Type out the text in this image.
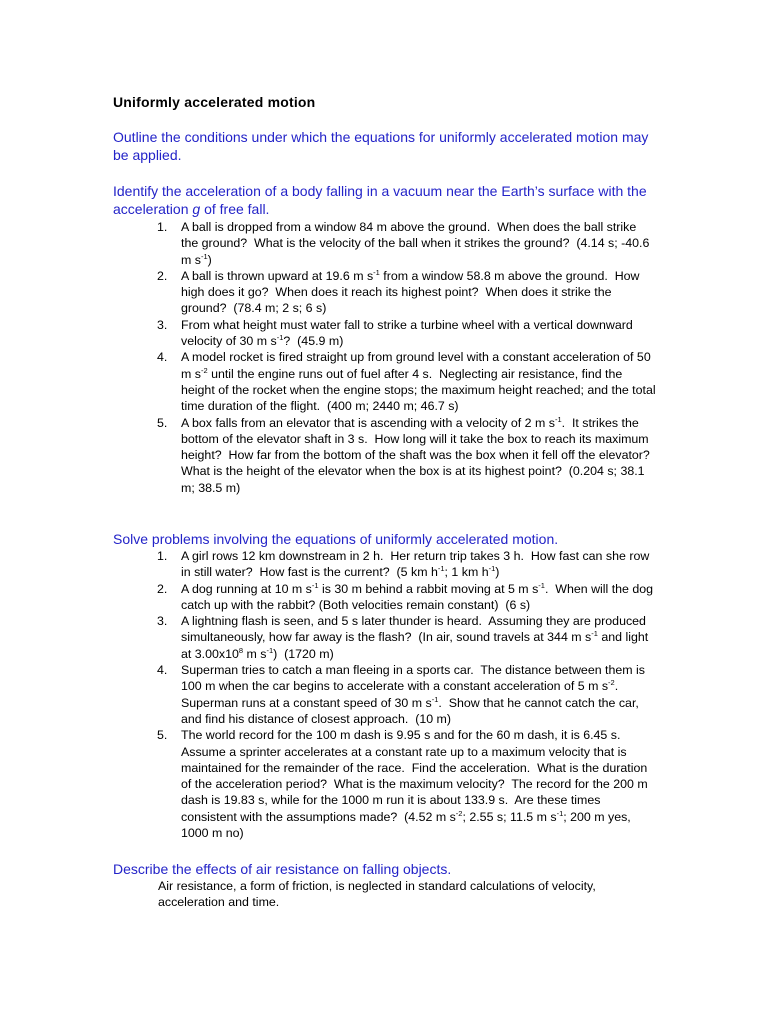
Uniformly accelerated motion

Outline the conditions under which the equations for uniformly accelerated motion may be applied.

Identify the acceleration of a body falling in a vacuum near the Earth’s surface with the acceleration g of free fall.

1. A ball is dropped from a window 84 m above the ground.  When does the ball strike the ground?  What is the velocity of the ball when it strikes the ground?  (4.14 s; -40.6 m $s^{-1}$)
2. A ball is thrown upward at 19.6 m $s^{-1}$ from a window 58.8 m above the ground.  How high does it go?  When does it reach its highest point?  When does it strike the ground?  (78.4 m; 2 s; 6 s)
3. From what height must water fall to strike a turbine wheel with a vertical downward velocity of 30 m $s^{-1}$?  (45.9 m)
4. A model rocket is fired straight up from ground level with a constant acceleration of 50 m $s^{-2}$ until the engine runs out of fuel after 4 s.  Neglecting air resistance, find the height of the rocket when the engine stops; the maximum height reached; and the total time duration of the flight.  (400 m; 2440 m; 46.7 s)
5. A box falls from an elevator that is ascending with a velocity of 2 m $s^{-1}$.  It strikes the bottom of the elevator shaft in 3 s.  How long will it take the box to reach its maximum height?  How far from the bottom of the shaft was the box when it fell off the elevator?  What is the height of the elevator when the box is at its highest point?  (0.204 s; 38.1 m; 38.5 m)

Solve problems involving the equations of uniformly accelerated motion.

1. A girl rows 12 km downstream in 2 h.  Her return trip takes 3 h.  How fast can she row in still water?  How fast is the current?  (5 km $h^{-1}$; 1 km $h^{-1}$)
2. A dog running at 10 m $s^{-1}$ is 30 m behind a rabbit moving at 5 m $s^{-1}$.  When will the dog catch up with the rabbit? (Both velocities remain constant)  (6 s)
3. A lightning flash is seen, and 5 s later thunder is heard.  Assuming they are produced simultaneously, how far away is the flash?  (In air, sound travels at 344 m $s^{-1}$ and light at $3.00x10^8$ m $s^{-1}$)  (1720 m)
4. Superman tries to catch a man fleeing in a sports car.  The distance between them is 100 m when the car begins to accelerate with a constant acceleration of 5 m $s^{-2}$.  Superman runs at a constant speed of 30 m $s^{-1}$.  Show that he cannot catch the car, and find his distance of closest approach.  (10 m)
5. The world record for the 100 m dash is 9.95 s and for the 60 m dash, it is 6.45 s.  Assume a sprinter accelerates at a constant rate up to a maximum velocity that is maintained for the remainder of the race.  Find the acceleration.  What is the duration of the acceleration period?  What is the maximum velocity?  The record for the 200 m dash is 19.83 s, while for the 1000 m run it is about 133.9 s.  Are these times consistent with the assumptions made?  (4.52 m $s^{-2}$; 2.55 s; 11.5 m $s^{-1}$; 200 m yes, 1000 m no)

Describe the effects of air resistance on falling objects.

Air resistance, a form of friction, is neglected in standard calculations of velocity, acceleration and time.
